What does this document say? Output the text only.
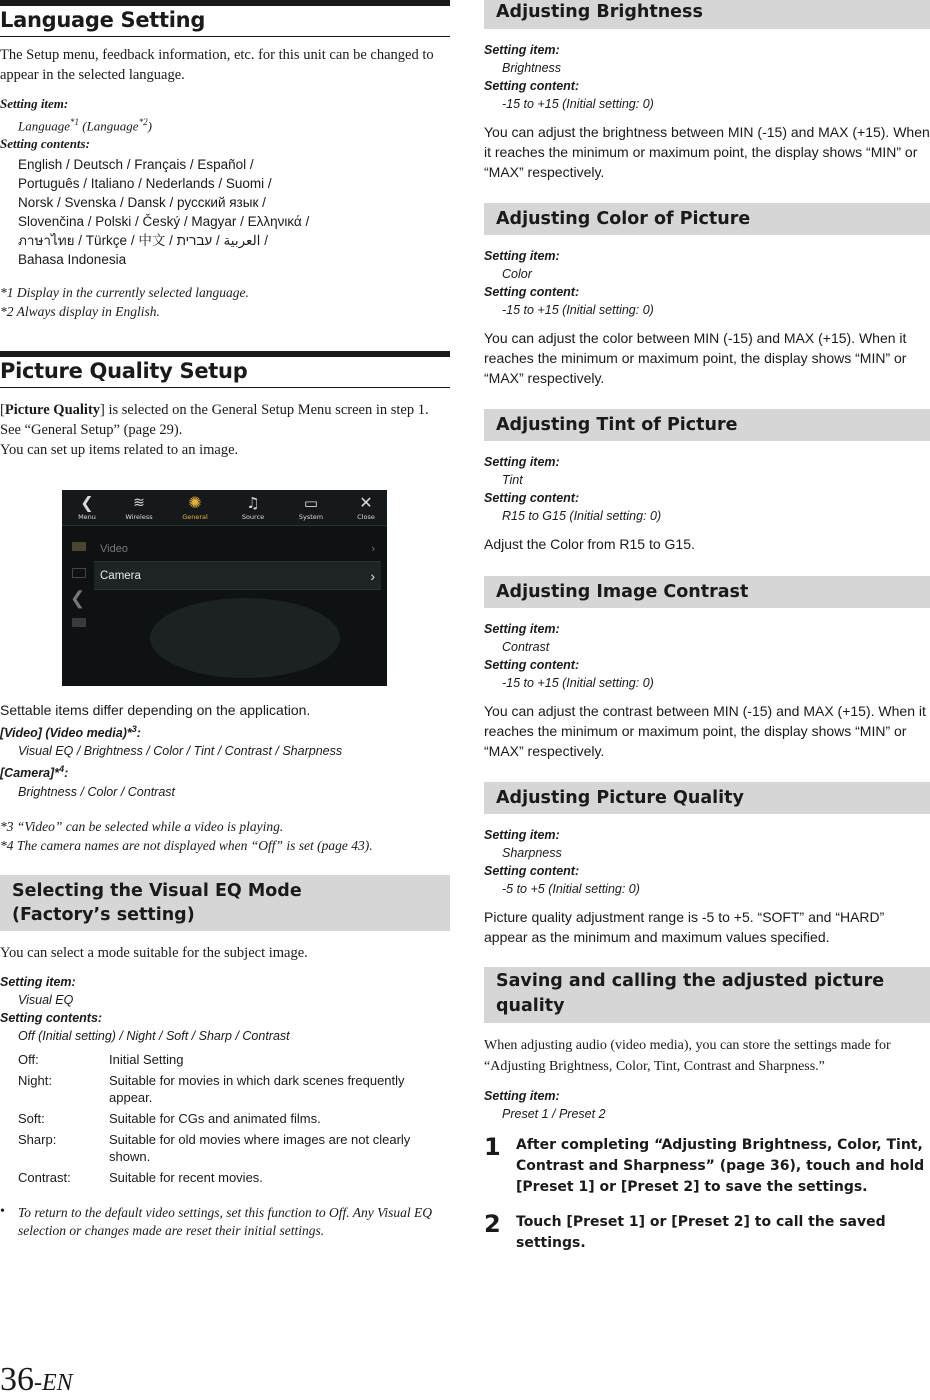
Language Setting
The Setup menu, feedback information, etc. for this unit can be changed to appear in the selected language.
Setting item:
Language$^{*1}$ (Language$^{*2}$)
Setting contents:
English / Deutsch / Français / Español /
Português / Italiano / Nederlands / Suomi /
Norsk / Svenska / Dansk / русский язык /
Slovenčina / Polski / Český / Magyar / Ελληνικά /
ภาษาไทย / Türkçe / 中文 / العربية / עברית /
Bahasa Indonesia
*1 Display in the currently selected language.
*2 Always display in English.
Picture Quality Setup
[Picture Quality] is selected on the General Setup Menu screen in step 1. See “General Setup” (page 29).
You can set up items related to an image.
Settable items differ depending on the application.
[Video] (Video media)*$^3$:
Visual EQ / Brightness / Color / Tint / Contrast / Sharpness
[Camera]*$^4$:
Brightness / Color / Contrast
*3 “Video” can be selected while a video is playing.
*4 The camera names are not displayed when “Off” is set (page 43).
Selecting the Visual EQ Mode
(Factory’s setting)
You can select a mode suitable for the subject image.
Setting item:
Visual EQ
Setting contents:
Off (Initial setting) / Night / Soft / Sharp / Contrast
Off:	Initial Setting
Night:	Suitable for movies in which dark scenes frequently appear.
Soft:	Suitable for CGs and animated films.
Sharp:	Suitable for old movies where images are not clearly shown.
Contrast:	Suitable for recent movies.
• To return to the default video settings, set this function to Off. Any Visual EQ selection or changes made are reset their initial settings.
❮
Menu
≋
Wireless
✺
General
♫
Source
▭
System
✕
Close
❮
Video	›
Camera	›
Adjusting Brightness
Setting item:
Brightness
Setting content:
-15 to +15 (Initial setting: 0)
You can adjust the brightness between MIN (-15) and MAX (+15). When it reaches the minimum or maximum point, the display shows “MIN” or “MAX” respectively.
Adjusting Color of Picture
Setting item:
Color
Setting content:
-15 to +15 (Initial setting: 0)
You can adjust the color between MIN (-15) and MAX (+15). When it reaches the minimum or maximum point, the display shows “MIN” or “MAX” respectively.
Adjusting Tint of Picture
Setting item:
Tint
Setting content:
R15 to G15 (Initial setting: 0)
Adjust the Color from R15 to G15.
Adjusting Image Contrast
Setting item:
Contrast
Setting content:
-15 to +15 (Initial setting: 0)
You can adjust the contrast between MIN (-15) and MAX (+15). When it reaches the minimum or maximum point, the display shows “MIN” or “MAX” respectively.
Adjusting Picture Quality
Setting item:
Sharpness
Setting content:
-5 to +5 (Initial setting: 0)
Picture quality adjustment range is -5 to +5. “SOFT” and “HARD” appear as the minimum and maximum values specified.
Saving and calling the adjusted picture quality
When adjusting audio (video media), you can store the settings made for “Adjusting Brightness, Color, Tint, Contrast and Sharpness.”
Setting item:
Preset 1 / Preset 2
1	After completing “Adjusting Brightness, Color, Tint, Contrast and Sharpness” (page 36), touch and hold [Preset 1] or [Preset 2] to save the settings.
2	Touch [Preset 1] or [Preset 2] to call the saved settings.
36-EN
